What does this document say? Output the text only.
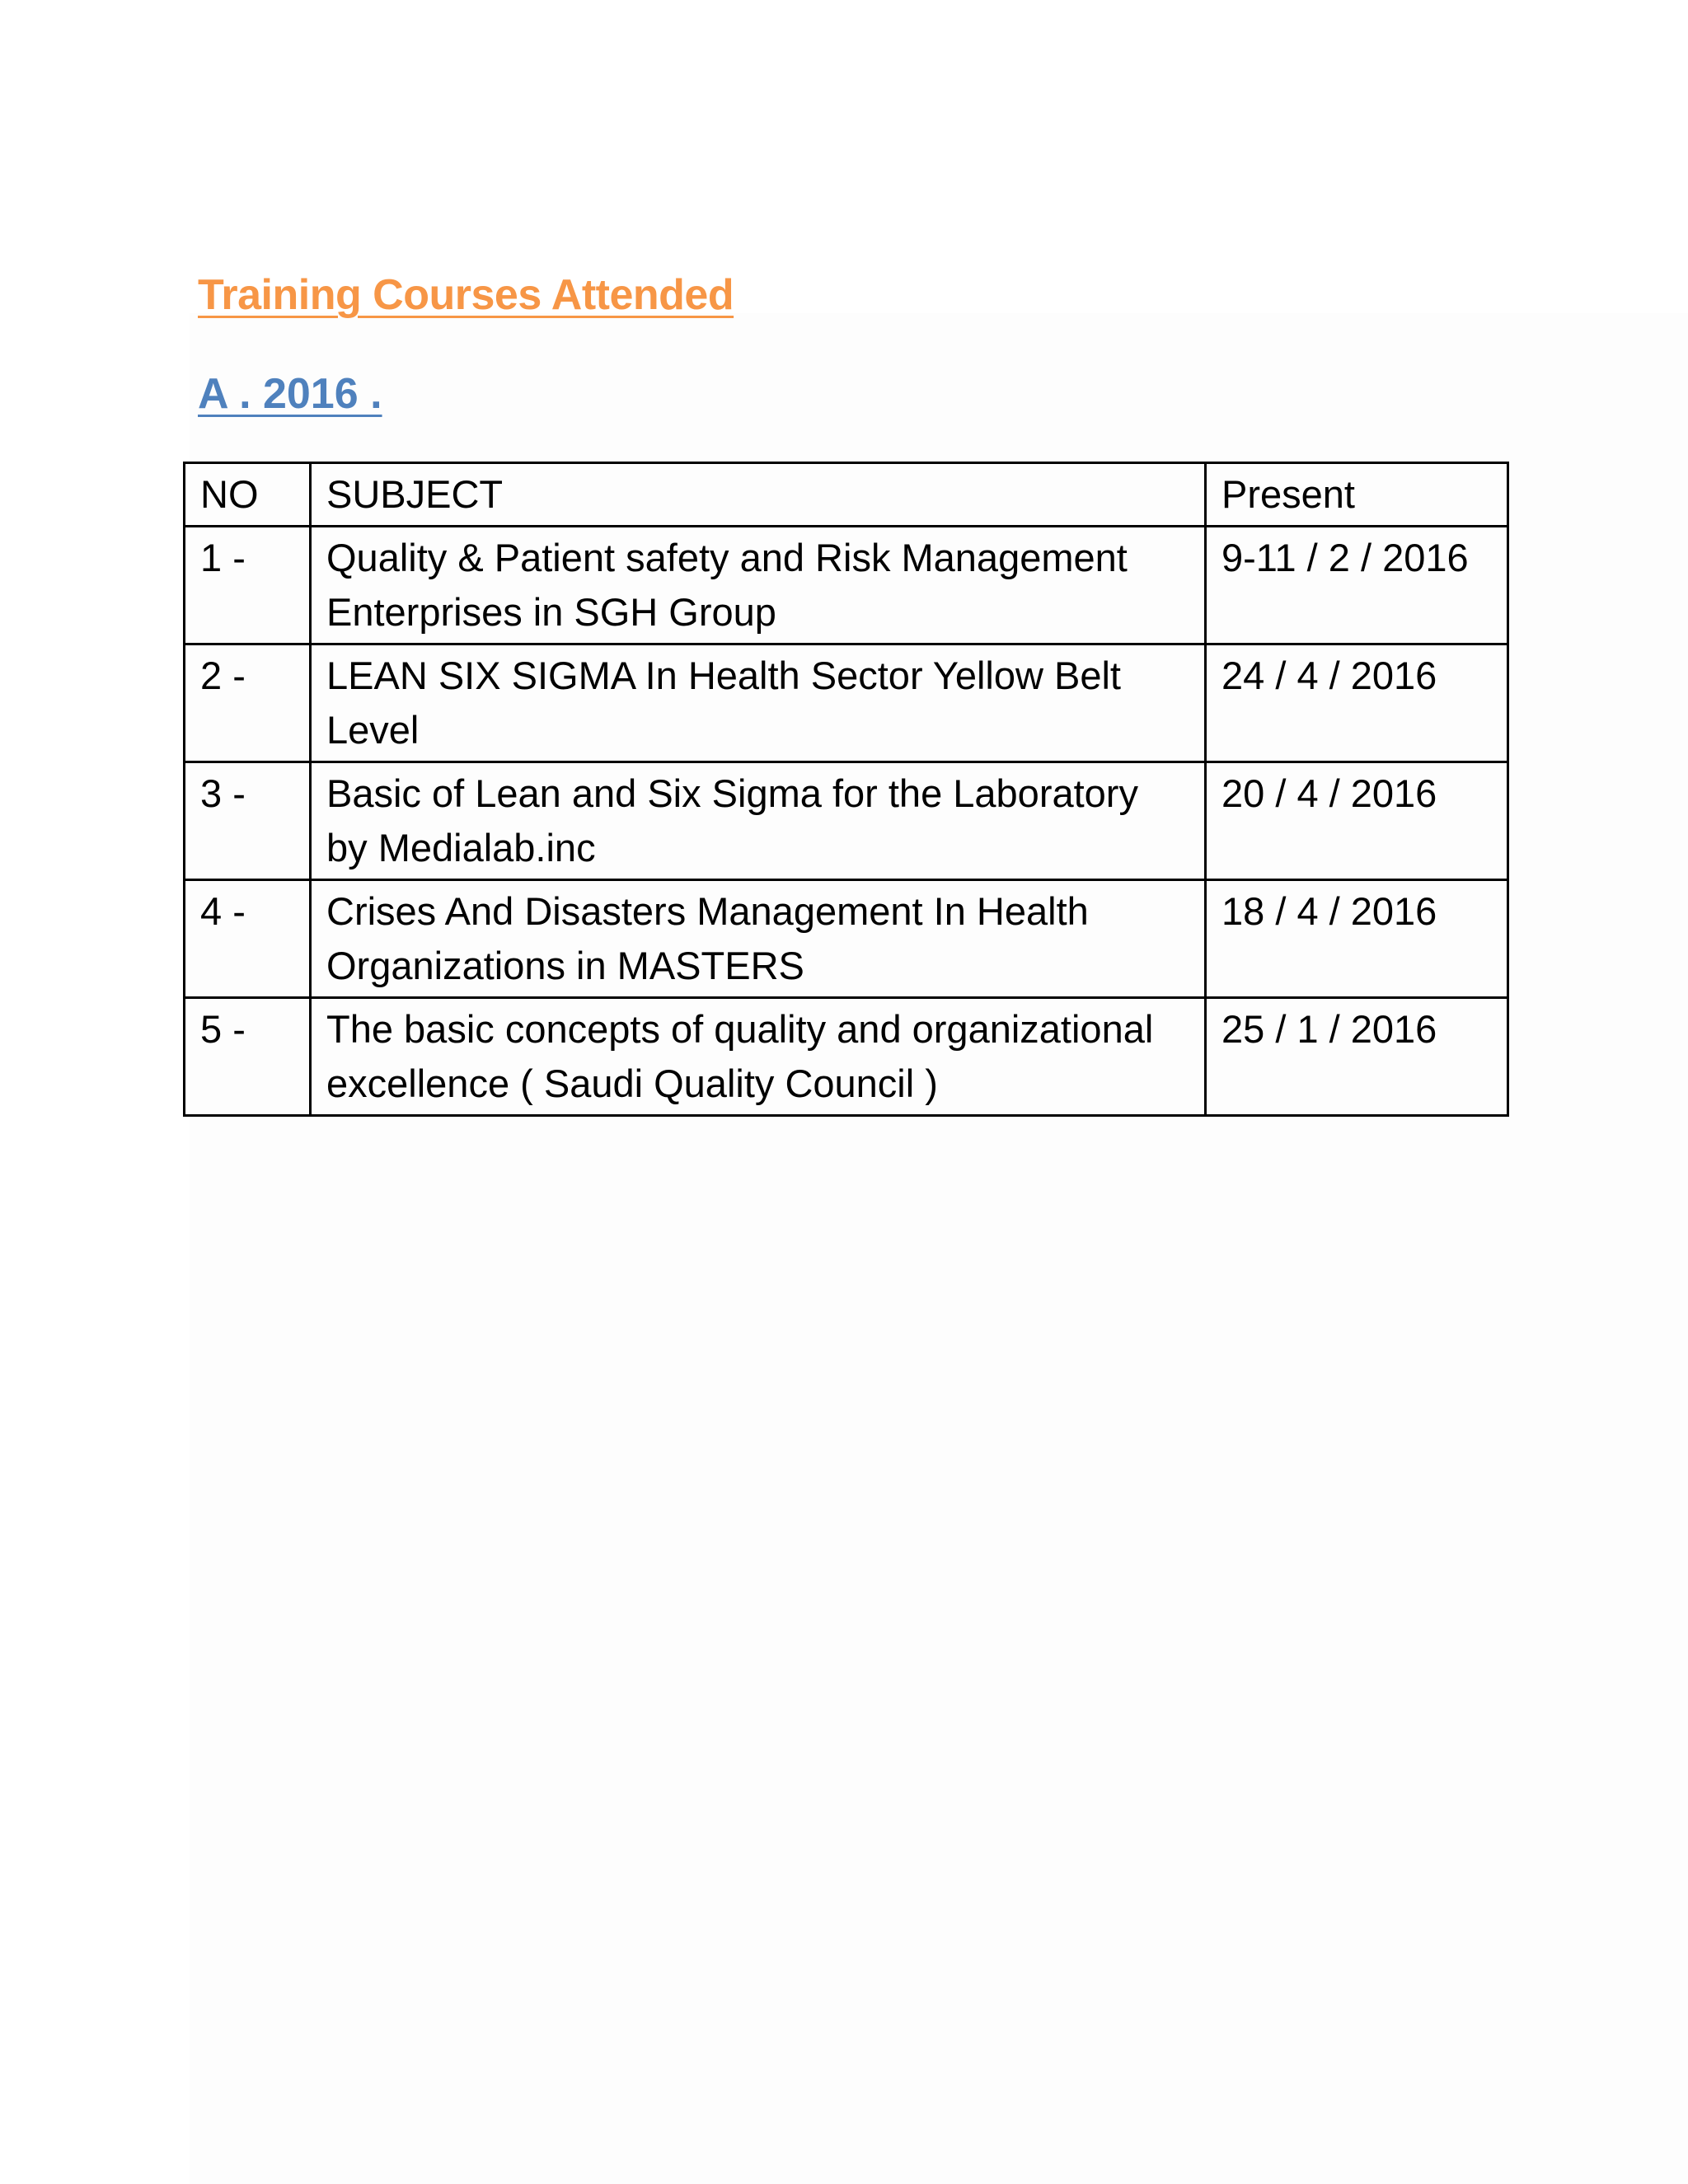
Training Courses Attended
A . 2016 .
NO	SUBJECT	Present
1 -	Quality & Patient safety and Risk Management Enterprises in SGH Group	9-11 / 2 / 2016
2 -	LEAN SIX SIGMA In Health Sector Yellow Belt Level	24 / 4 / 2016
3 -	Basic of Lean and Six Sigma for the Laboratory by Medialab.inc	20 / 4 / 2016
4 -	Crises And Disasters Management In Health Organizations in MASTERS	18 / 4 / 2016
5 -	The basic concepts of quality and organizational excellence ( Saudi Quality Council )	25 / 1 / 2016
